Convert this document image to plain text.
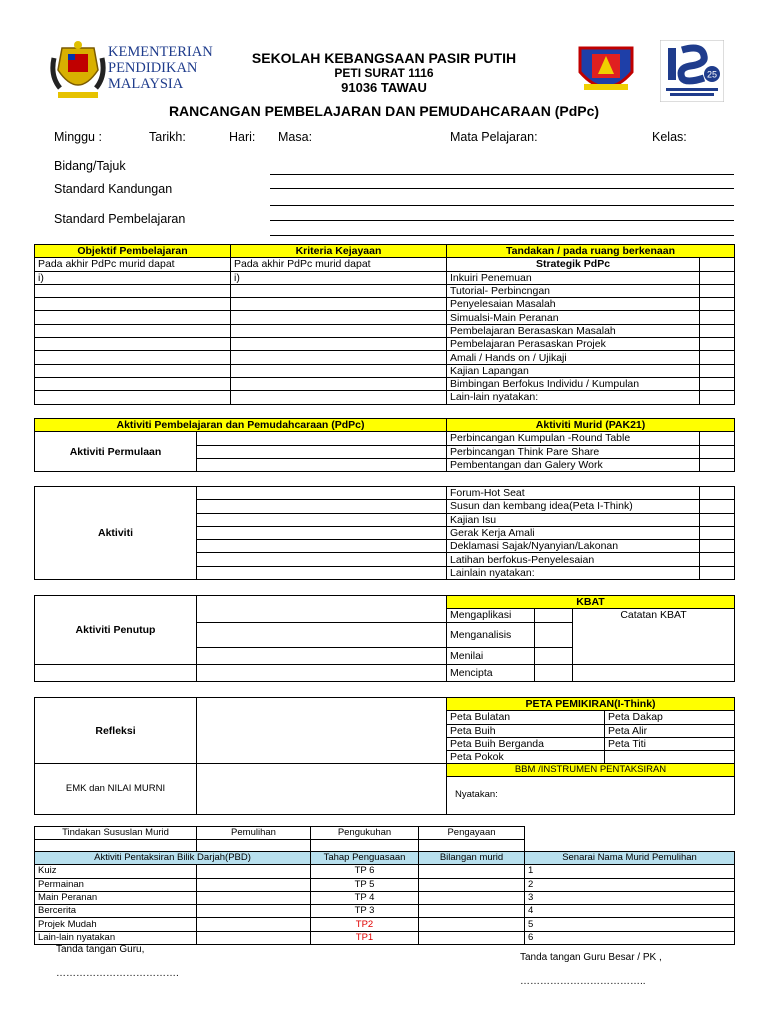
KEMENTERIAN
PENDIDIKAN
MALAYSIA
SEKOLAH KEBANGSAAN PASIR PUTIH
PETI SURAT 1116
91036 TAWAU
RANCANGAN PEMBELAJARAN DAN PEMUDAHCARAAN (PdPc)
25
Minggu :	Tarikh:	Hari: Masa:	Mata Pelajaran:	Kelas:
Bidang/Tajuk
Standard Kandungan
Standard Pembelajaran
Objektif Pembelajaran	Kriteria Kejayaan	Tandakan / pada ruang berkenaan	
Pada akhir PdPc murid dapat	Pada akhir PdPc murid dapat	Strategik PdPc	
i)	i)	Inkuiri Penemuan	
		Tutorial- Perbincngan	
		Penyelesaian Masalah	
		Simualsi-Main Peranan	
		Pembelajaran Berasaskan Masalah	
		Pembelajaran Perasaskan Projek	
		Amali / Hands on / Ujikaji	
		Kajian Lapangan	
		Bimbingan Berfokus Individu / Kumpulan	
		Lain-lain nyatakan:	
Aktiviti Pembelajaran dan Pemudahcaraan (PdPc)		Aktiviti Murid (PAK21)	
Aktiviti Permulaan		Perbincangan Kumpulan -Round Table	
		Perbincangan Think Pare Share	
		Pembentangan dan Galery Work	
Aktiviti		Forum-Hot Seat	
		Susun dan kembang idea(Peta I-Think)	
		Kajian Isu	
		Gerak Kerja Amali	
		Deklamasi Sajak/Nyanyian/Lakonan	
		Latihan berfokus-Penyelesaian	
		Lainlain nyatakan:	
Aktiviti Penutup		KBAT		
		Mengaplikasi		Catatan KBAT
		Menganalisis		

		Menilai		
		Mencipta		
Refleksi		PETA PEMIKIRAN(I-Think)	
		Peta Bulatan	Peta Dakap
		Peta Buih	Peta Alir
		Peta Buih Berganda	Peta Titi
		Peta Pokok	
EMK dan NILAI MURNI		BBM /INSTRUMEN PENTAKSIRAN
Nyatakan:	
Tindakan Sususlan Murid	Pemulihan	Pengukuhan	Pengayaan

Aktiviti Pentaksiran Bilik Darjah(PBD)		Tahap Penguasaan	Bilangan murid	Senarai Nama Murid Pemulihan
Kuiz		TP 6		1
Permainan		TP 5		2
Main Peranan		TP 4		3
Bercerita		TP 3		4
Projek Mudah		TP2		5
Lain-lain nyatakan		TP1		6
Tanda tangan Guru,
……………………………….
Tanda tangan Guru Besar / PK ,
………………………………..
